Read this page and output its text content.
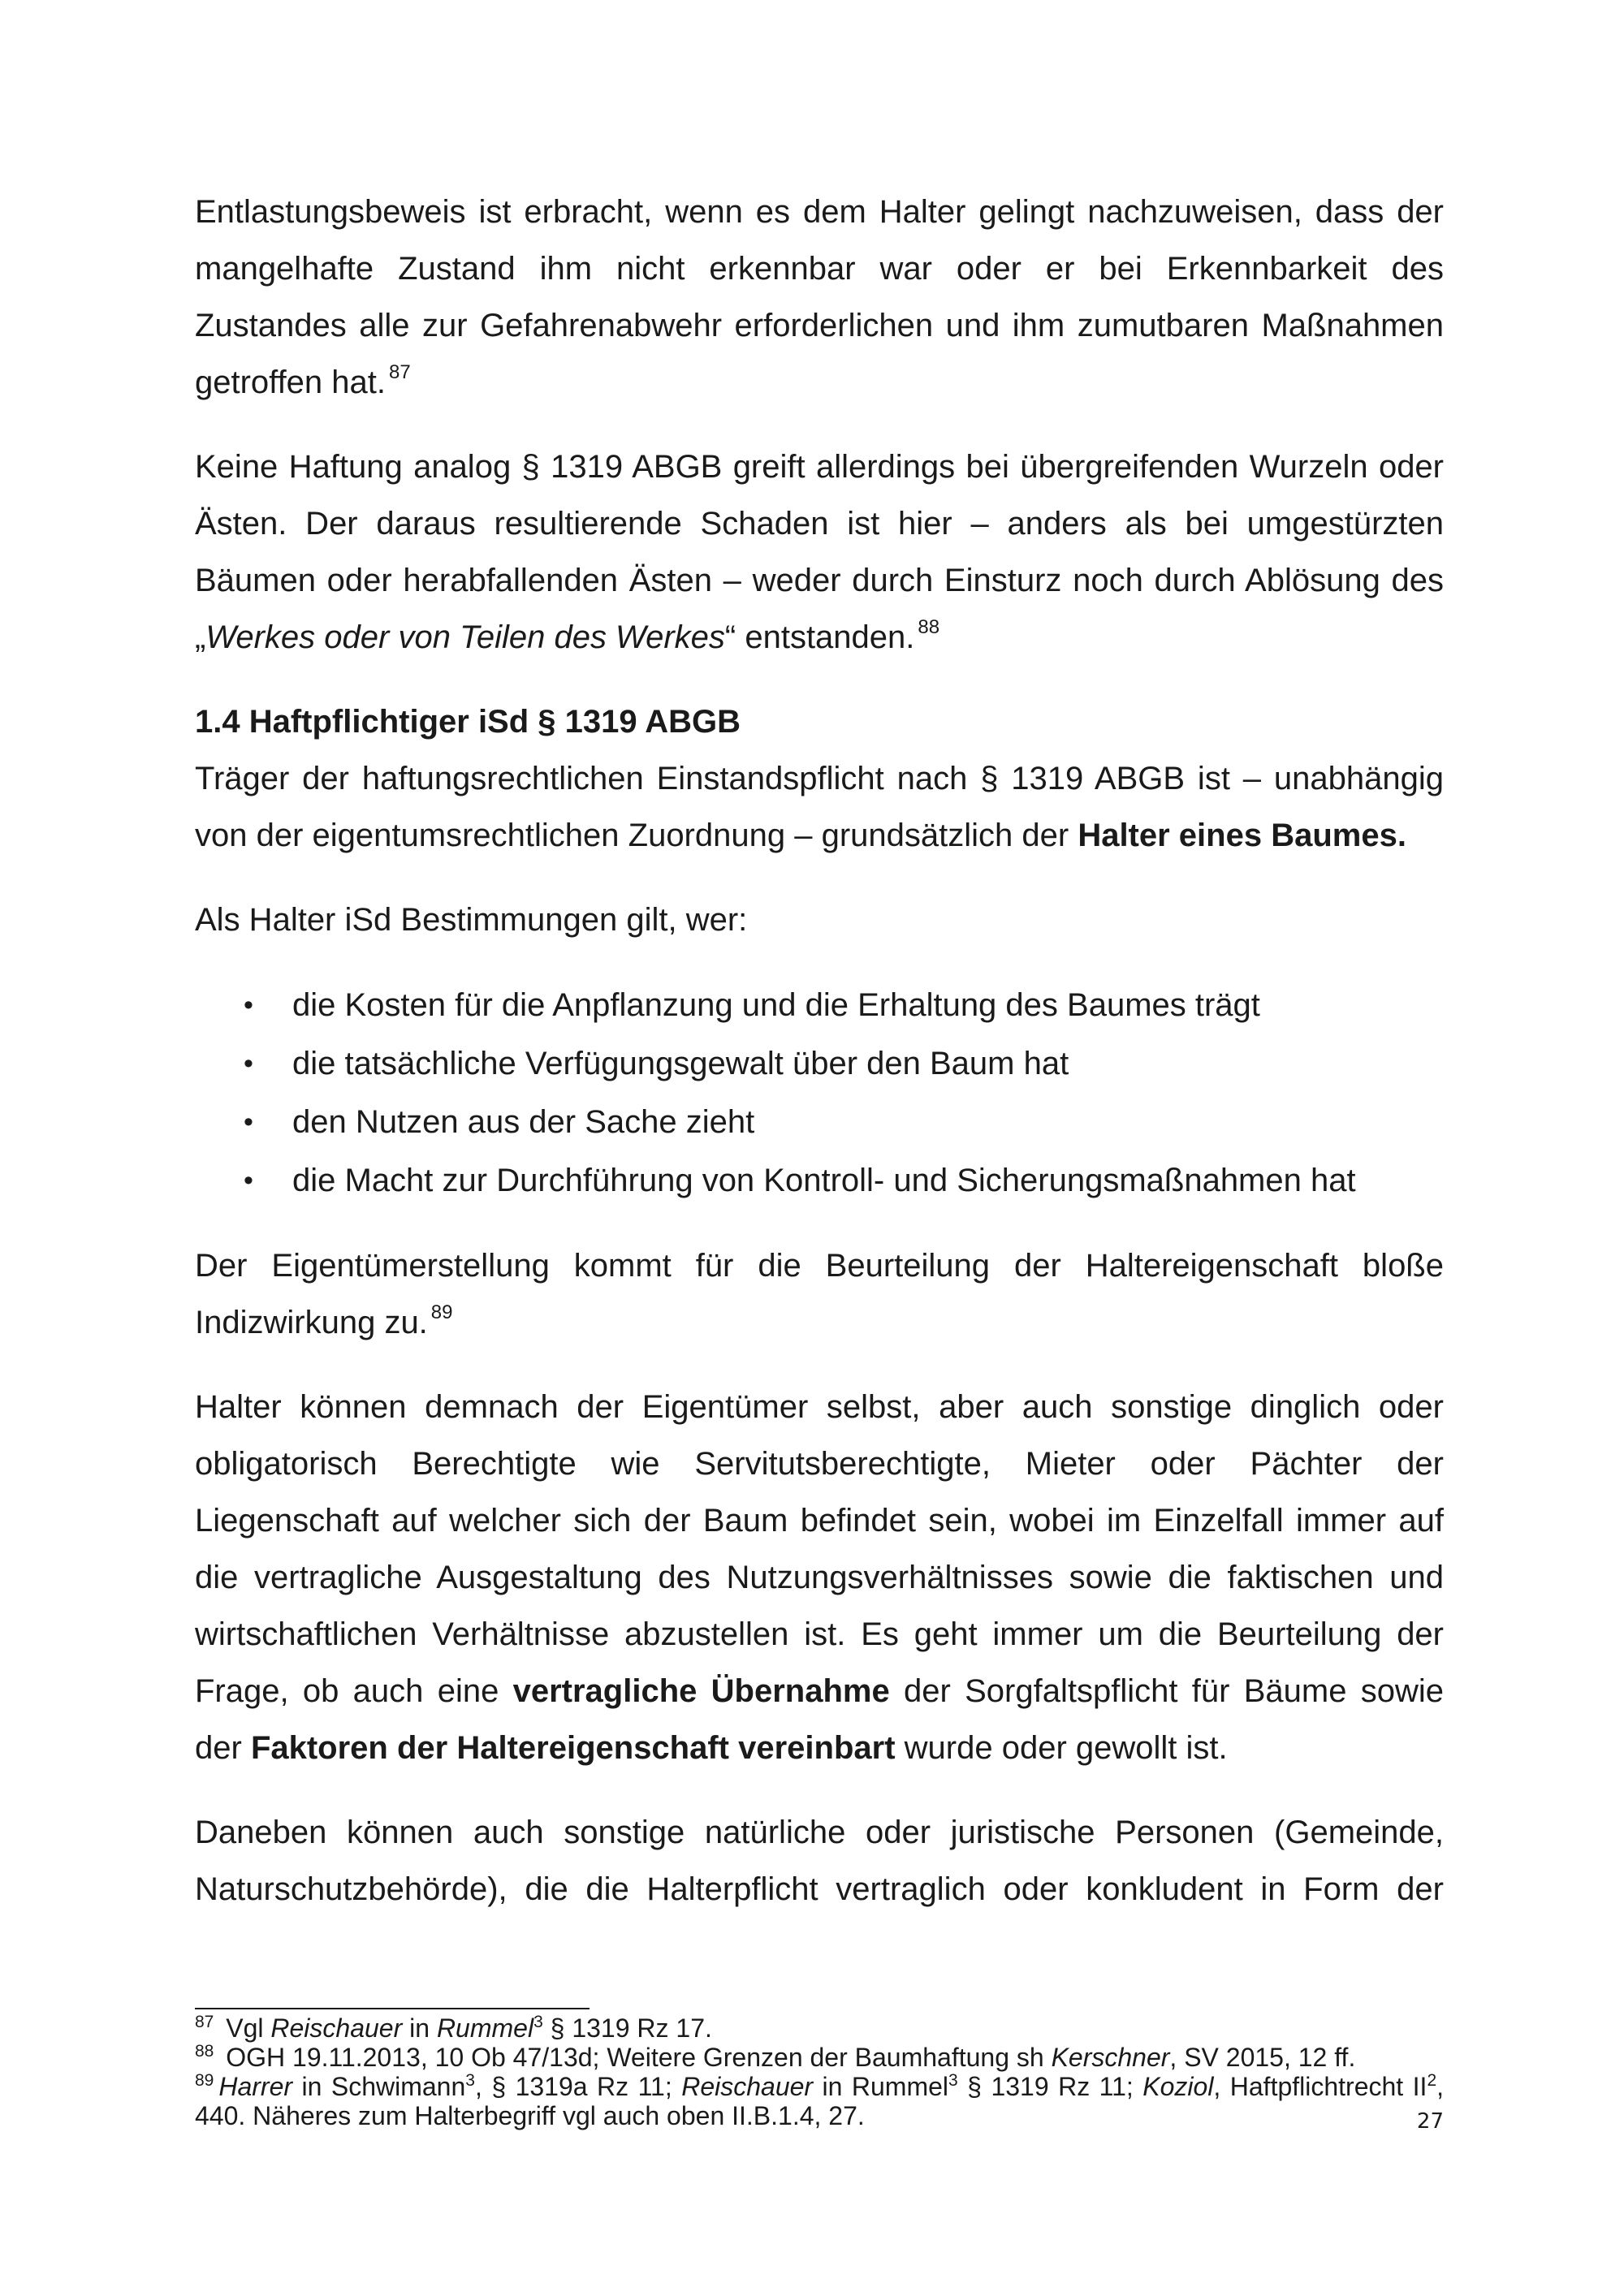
Entlastungsbeweis ist erbracht, wenn es dem Halter gelingt nachzuweisen, dass der mangelhafte Zustand ihm nicht erkennbar war oder er bei Erkennbarkeit des Zustandes alle zur Gefahrenabwehr erforderlichen und ihm zumutbaren Maßnahmen getroffen hat. $^{87}$

Keine Haftung analog § 1319 ABGB greift allerdings bei übergreifenden Wurzeln oder Ästen. Der daraus resultierende Schaden ist hier – anders als bei umgestürzten Bäumen oder herabfallenden Ästen – weder durch Einsturz noch durch Ablösung des „Werkes oder von Teilen des Werkes“ entstanden. $^{88}$

1.4 Haftpflichtiger iSd § 1319 ABGB

Träger der haftungsrechtlichen Einstandspflicht nach § 1319 ABGB ist – unabhängig von der eigentumsrechtlichen Zuordnung – grundsätzlich der Halter eines Baumes.

Als Halter iSd Bestimmungen gilt, wer:

• die Kosten für die Anpflanzung und die Erhaltung des Baumes trägt
• die tatsächliche Verfügungsgewalt über den Baum hat
• den Nutzen aus der Sache zieht
• die Macht zur Durchführung von Kontroll- und Sicherungsmaßnahmen hat

Der Eigentümerstellung kommt für die Beurteilung der Haltereigenschaft bloße Indizwirkung zu. $^{89}$

Halter können demnach der Eigentümer selbst, aber auch sonstige dinglich oder obligatorisch Berechtigte wie Servitutsberechtigte, Mieter oder Pächter der Liegenschaft auf welcher sich der Baum befindet sein, wobei im Einzelfall immer auf die vertragliche Ausgestaltung des Nutzungsverhältnisses sowie die faktischen und wirtschaftlichen Verhältnisse abzustellen ist. Es geht immer um die Beurteilung der Frage, ob auch eine vertragliche Übernahme der Sorgfaltspflicht für Bäume sowie der Faktoren der Haltereigenschaft vereinbart wurde oder gewollt ist.

Daneben können auch sonstige natürliche oder juristische Personen (Gemeinde, Naturschutzbehörde), die die Halterpflicht vertraglich oder konkludent in Form der

$^{87}$ Vgl Reischauer in Rummel$^3$ § 1319 Rz 17.

$^{88}$ OGH 19.11.2013, 10 Ob 47/13d; Weitere Grenzen der Baumhaftung sh Kerschner, SV 2015, 12 ff.

$^{89}$ Harrer in Schwimann$^3$, § 1319a Rz 11; Reischauer in Rummel$^3$ § 1319 Rz 11; Koziol, Haftpflichtrecht $II^2$, 440. Näheres zum Halterbegriff vgl auch oben II.B.1.4, 27.	27
